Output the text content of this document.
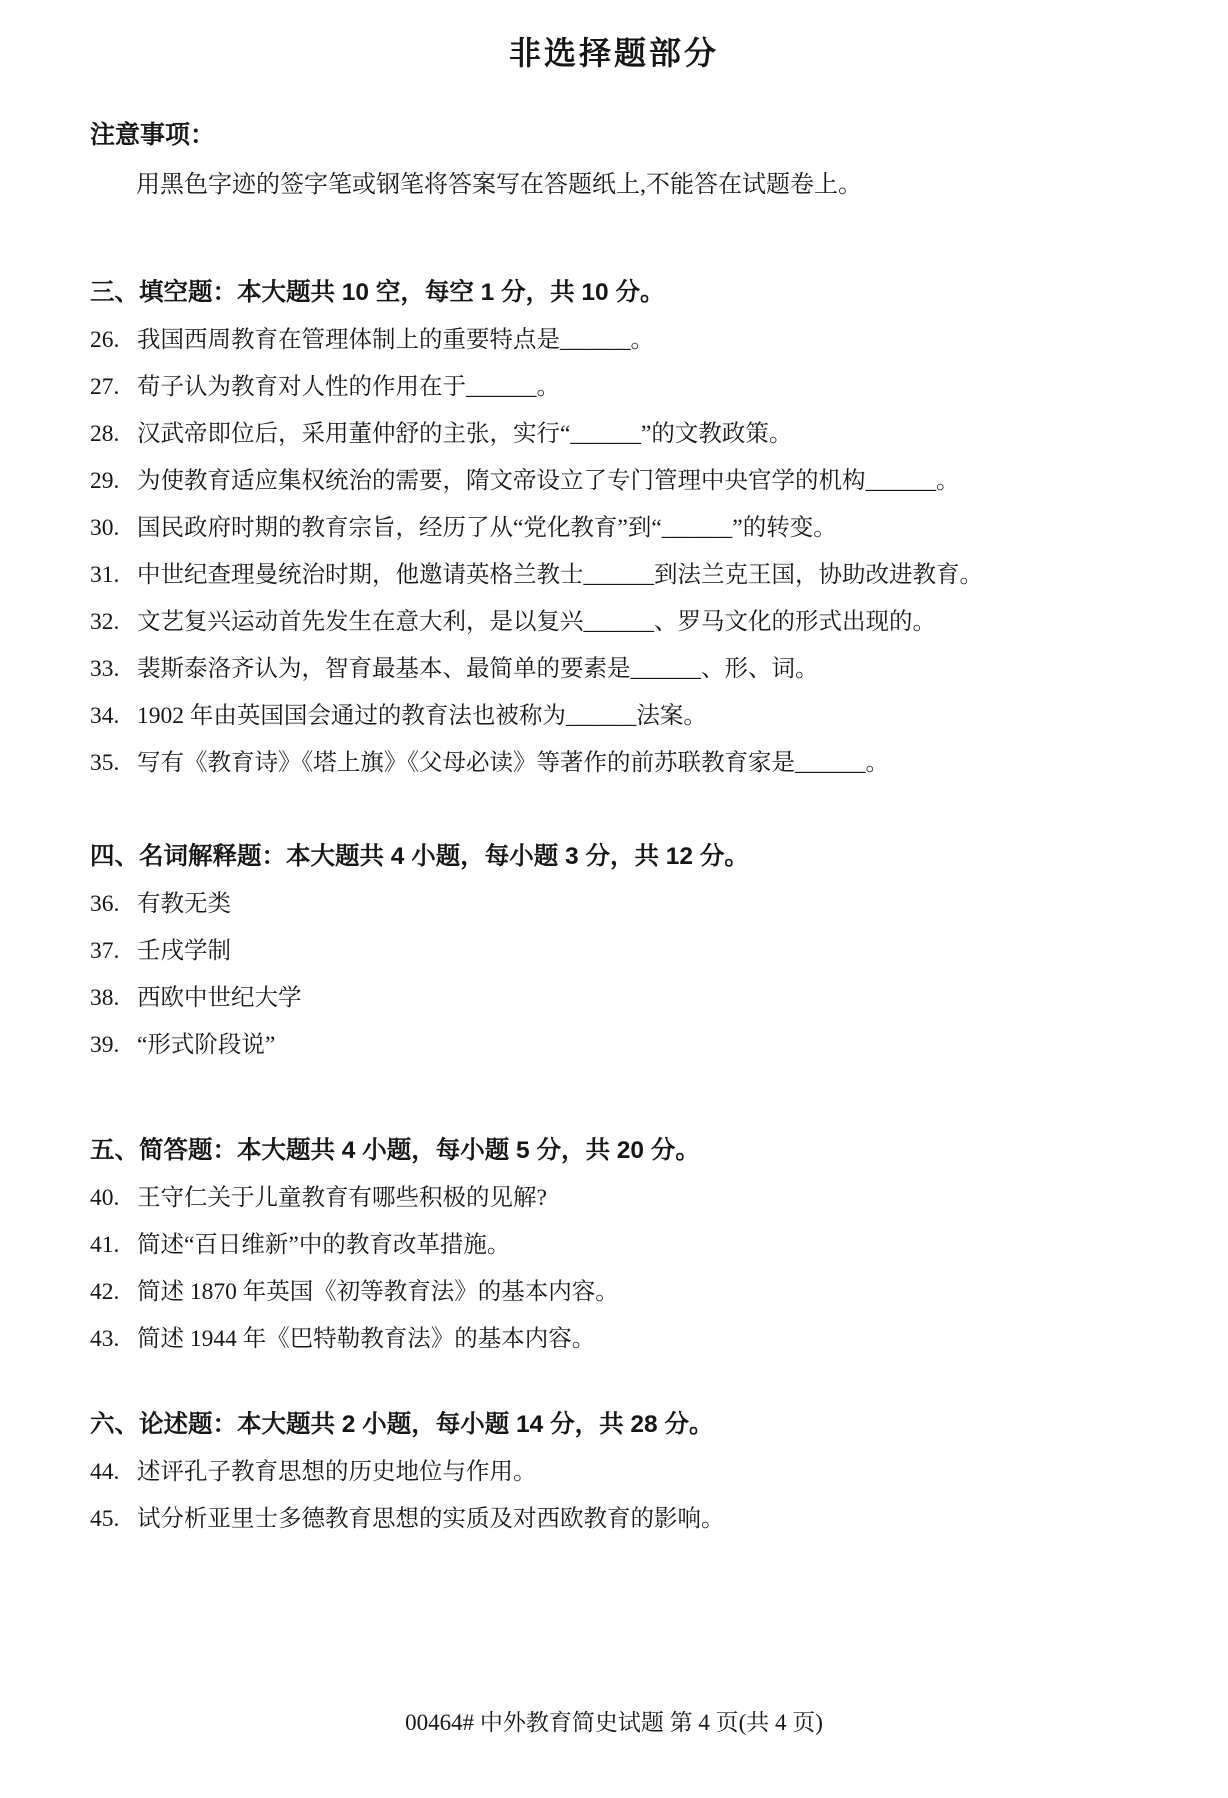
非选择题部分
注意事项：
用黑色字迹的签字笔或钢笔将答案写在答题纸上,不能答在试题卷上。
三、填空题：本大题共 10 空，每空 1 分，共 10 分。
26. 我国西周教育在管理体制上的重要特点是______。
27. 荀子认为教育对人性的作用在于______。
28. 汉武帝即位后，采用董仲舒的主张，实行“______”的文教政策。
29. 为使教育适应集权统治的需要，隋文帝设立了专门管理中央官学的机构______。
30. 国民政府时期的教育宗旨，经历了从“党化教育”到“______”的转变。
31. 中世纪查理曼统治时期，他邀请英格兰教士______到法兰克王国，协助改进教育。
32. 文艺复兴运动首先发生在意大利，是以复兴______、罗马文化的形式出现的。
33. 裴斯泰洛齐认为，智育最基本、最简单的要素是______、形、词。
34. 1902 年由英国国会通过的教育法也被称为______法案。
35. 写有《教育诗》《塔上旗》《父母必读》等著作的前苏联教育家是______。
四、名词解释题：本大题共 4 小题，每小题 3 分，共 12 分。
36. 有教无类
37. 壬戌学制
38. 西欧中世纪大学
39. “形式阶段说”
五、简答题：本大题共 4 小题，每小题 5 分，共 20 分。
40. 王守仁关于儿童教育有哪些积极的见解?
41. 简述“百日维新”中的教育改革措施。
42. 简述 1870 年英国《初等教育法》的基本内容。
43. 简述 1944 年《巴特勒教育法》的基本内容。
六、论述题：本大题共 2 小题，每小题 14 分，共 28 分。
44. 述评孔子教育思想的历史地位与作用。
45. 试分析亚里士多德教育思想的实质及对西欧教育的影响。
00464# 中外教育简史试题 第 4 页(共 4 页)
